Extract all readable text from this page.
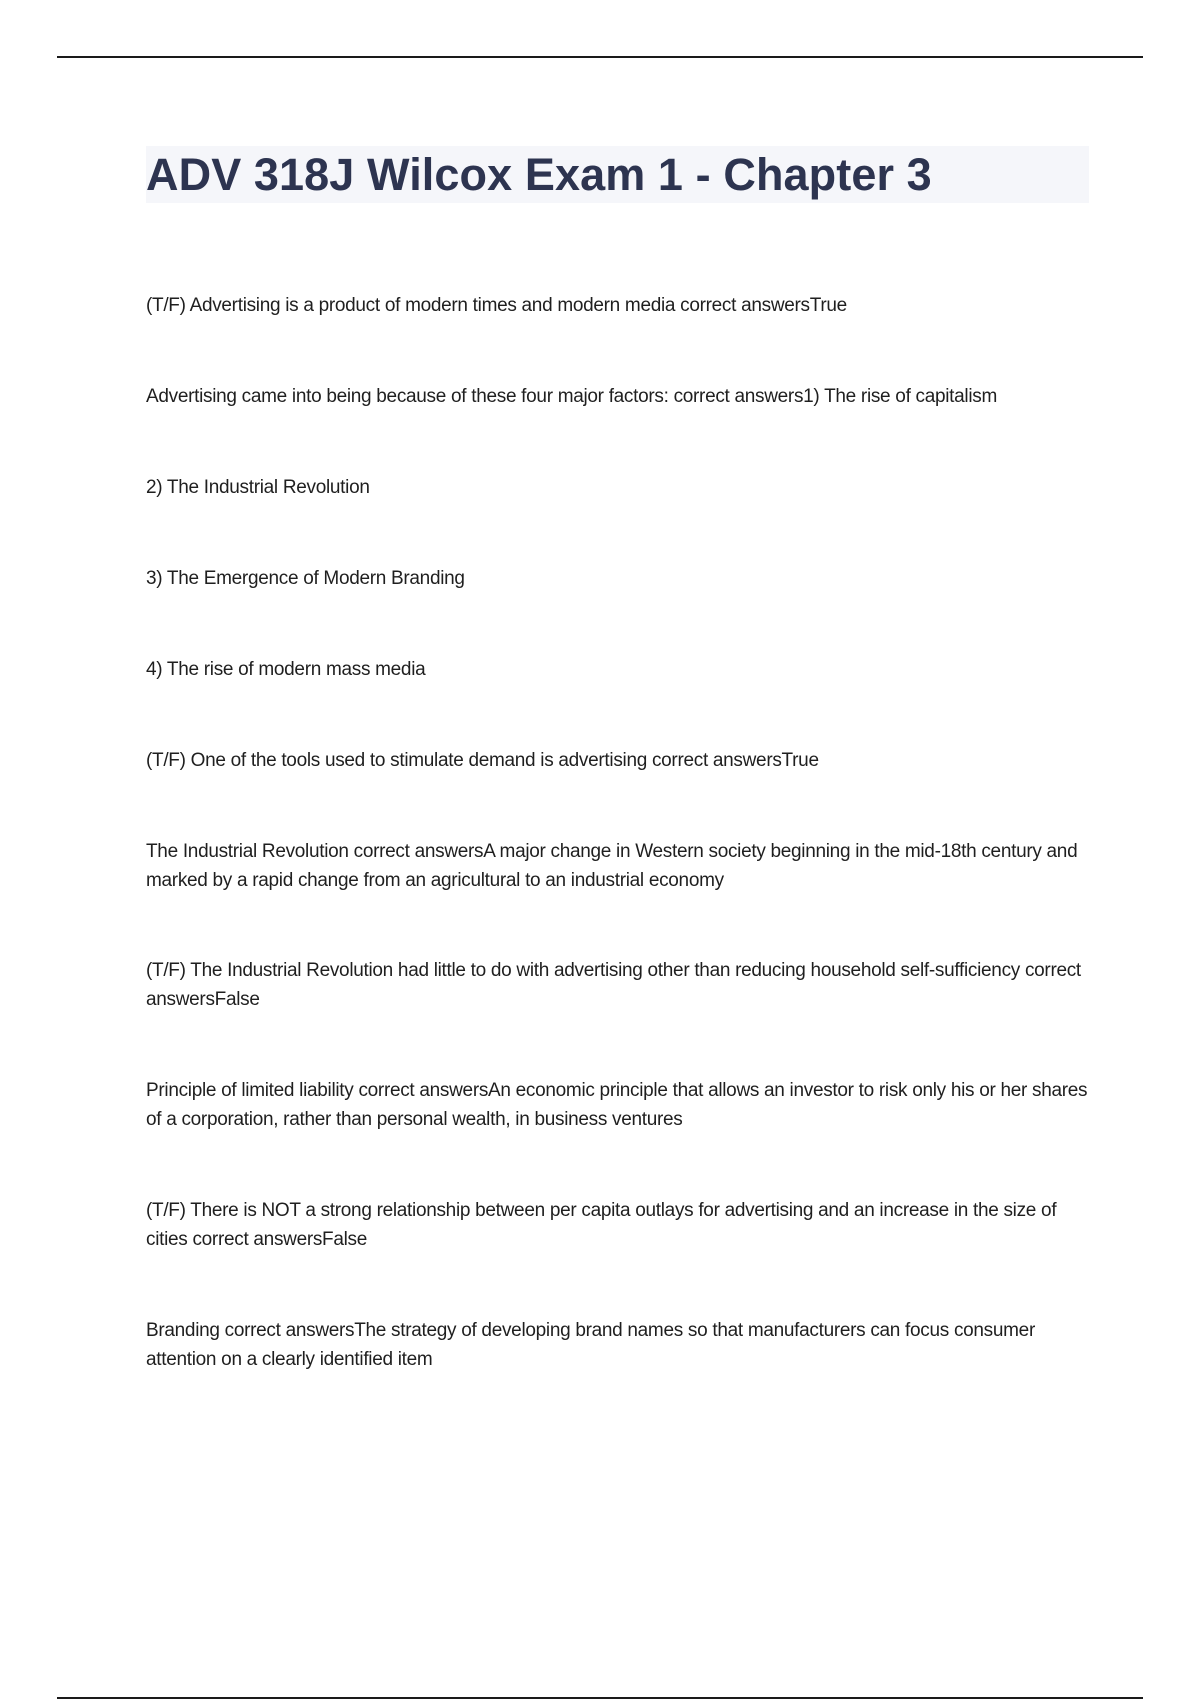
ADV 318J Wilcox Exam 1 - Chapter 3

(T/F) Advertising is a product of modern times and modern media correct answersTrue

Advertising came into being because of these four major factors: correct answers1) The rise of capitalism

2) The Industrial Revolution

3) The Emergence of Modern Branding

4) The rise of modern mass media

(T/F) One of the tools used to stimulate demand is advertising correct answersTrue

The Industrial Revolution correct answersA major change in Western society beginning in the mid-18th century and marked by a rapid change from an agricultural to an industrial economy

(T/F) The Industrial Revolution had little to do with advertising other than reducing household self-sufficiency correct answersFalse

Principle of limited liability correct answersAn economic principle that allows an investor to risk only his or her shares of a corporation, rather than personal wealth, in business ventures

(T/F) There is NOT a strong relationship between per capita outlays for advertising and an increase in the size of cities correct answersFalse

Branding correct answersThe strategy of developing brand names so that manufacturers can focus consumer attention on a clearly identified item
